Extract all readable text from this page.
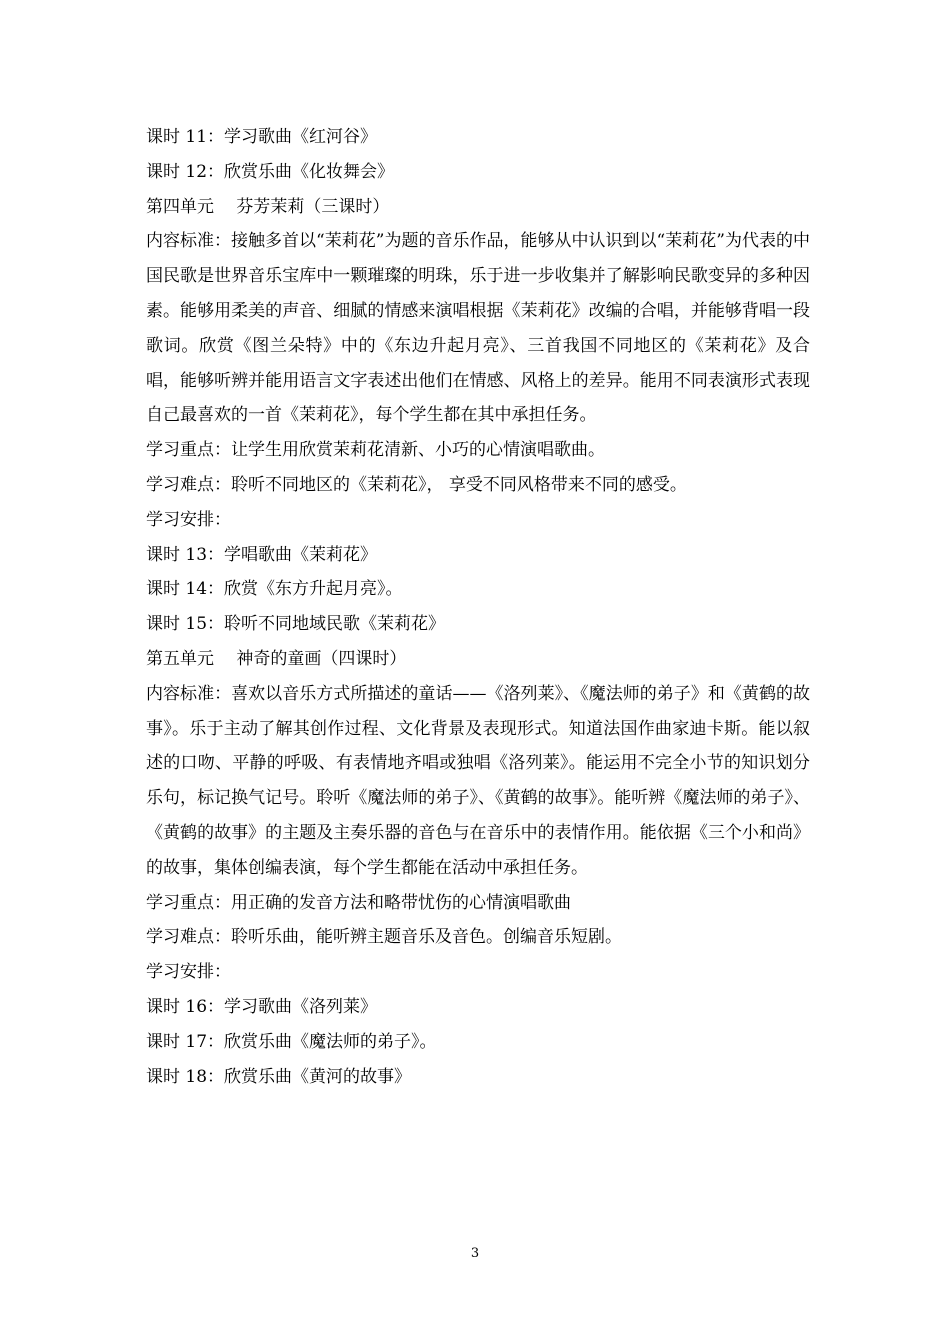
课时 11：学习歌曲《红河谷》

课时 12：欣赏乐曲《化妆舞会》

第四单元　 芬芳茉莉（三课时）

内容标准：接触多首以“茉莉花”为题的音乐作品，能够从中认识到以“茉莉花”为代表的中国民歌是世界音乐宝库中一颗璀璨的明珠，乐于进一步收集并了解影响民歌变异的多种因素。能够用柔美的声音、细腻的情感来演唱根据《茉莉花》改编的合唱，并能够背唱一段歌词。欣赏《图兰朵特》中的《东边升起月亮》、三首我国不同地区的《茉莉花》及合唱，能够听辨并能用语言文字表述出他们在情感、风格上的差异。能用不同表演形式表现自己最喜欢的一首《茉莉花》，每个学生都在其中承担任务。

学习重点：让学生用欣赏茉莉花清新、小巧的心情演唱歌曲。

学习难点：聆听不同地区的《茉莉花》， 享受不同风格带来不同的感受。

学习安排：

课时 13：学唱歌曲《茉莉花》

课时 14：欣赏《东方升起月亮》。

课时 15：聆听不同地域民歌《茉莉花》

第五单元　 神奇的童画（四课时）

内容标准：喜欢以音乐方式所描述的童话——《洛列莱》、《魔法师的弟子》和《黄鹤的故事》。乐于主动了解其创作过程、文化背景及表现形式。知道法国作曲家迪卡斯。能以叙述的口吻、平静的呼吸、有表情地齐唱或独唱《洛列莱》。能运用不完全小节的知识划分乐句，标记换气记号。聆听《魔法师的弟子》、《黄鹤的故事》。能听辨《魔法师的弟子》、《黄鹤的故事》的主题及主奏乐器的音色与在音乐中的表情作用。能依据《三个小和尚》的故事，集体创编表演，每个学生都能在活动中承担任务。

学习重点：用正确的发音方法和略带忧伤的心情演唱歌曲

学习难点：聆听乐曲，能听辨主题音乐及音色。创编音乐短剧。

学习安排：

课时 16：学习歌曲《洛列莱》

课时 17：欣赏乐曲《魔法师的弟子》。

课时 18：欣赏乐曲《黄河的故事》

3
